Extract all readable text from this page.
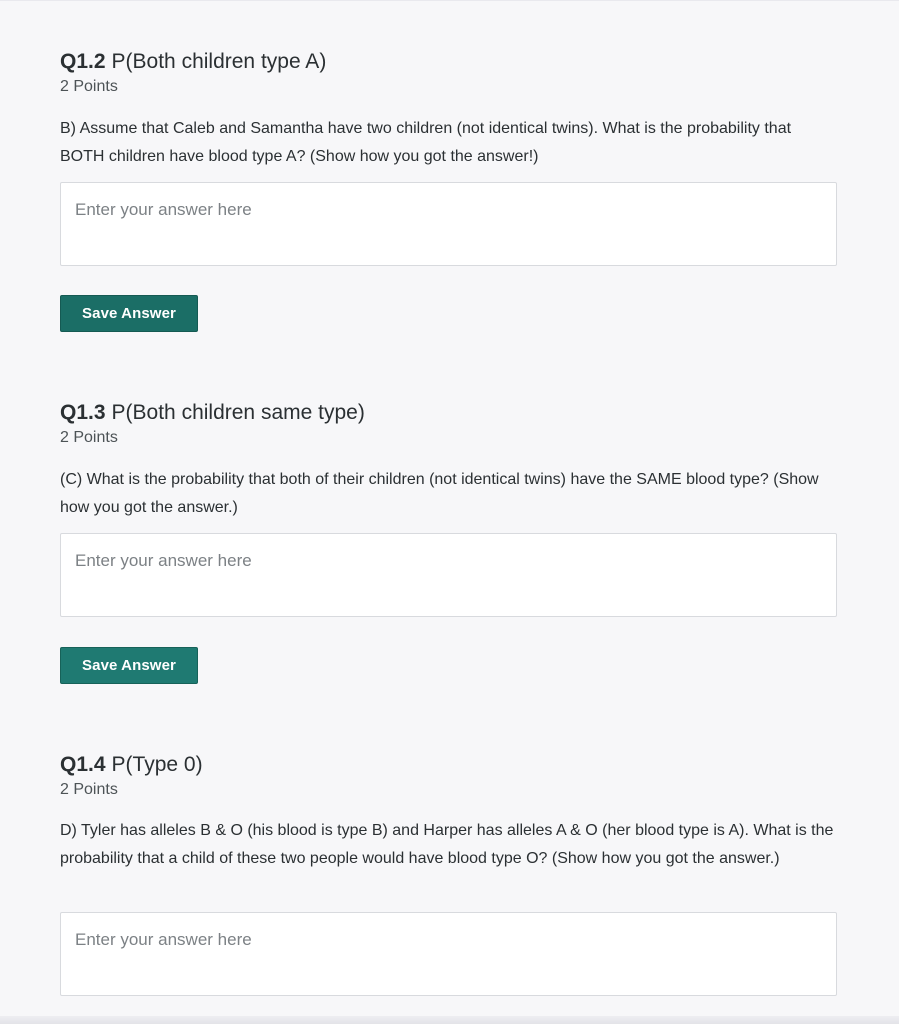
Q1.2 P(Both children type A)
2 Points

B) Assume that Caleb and Samantha have two children (not identical twins). What is the probability that BOTH children have blood type A? (Show how you got the answer!)

Enter your answer here
Save Answer
Q1.3 P(Both children same type)
2 Points

(C) What is the probability that both of their children (not identical twins) have the SAME blood type? (Show how you got the answer.)

Enter your answer here
Save Answer
Q1.4 P(Type 0)
2 Points

D) Tyler has alleles B & O (his blood is type B) and Harper has alleles A & O (her blood type is A). What is the probability that a child of these two people would have blood type O? (Show how you got the answer.)

Enter your answer here
